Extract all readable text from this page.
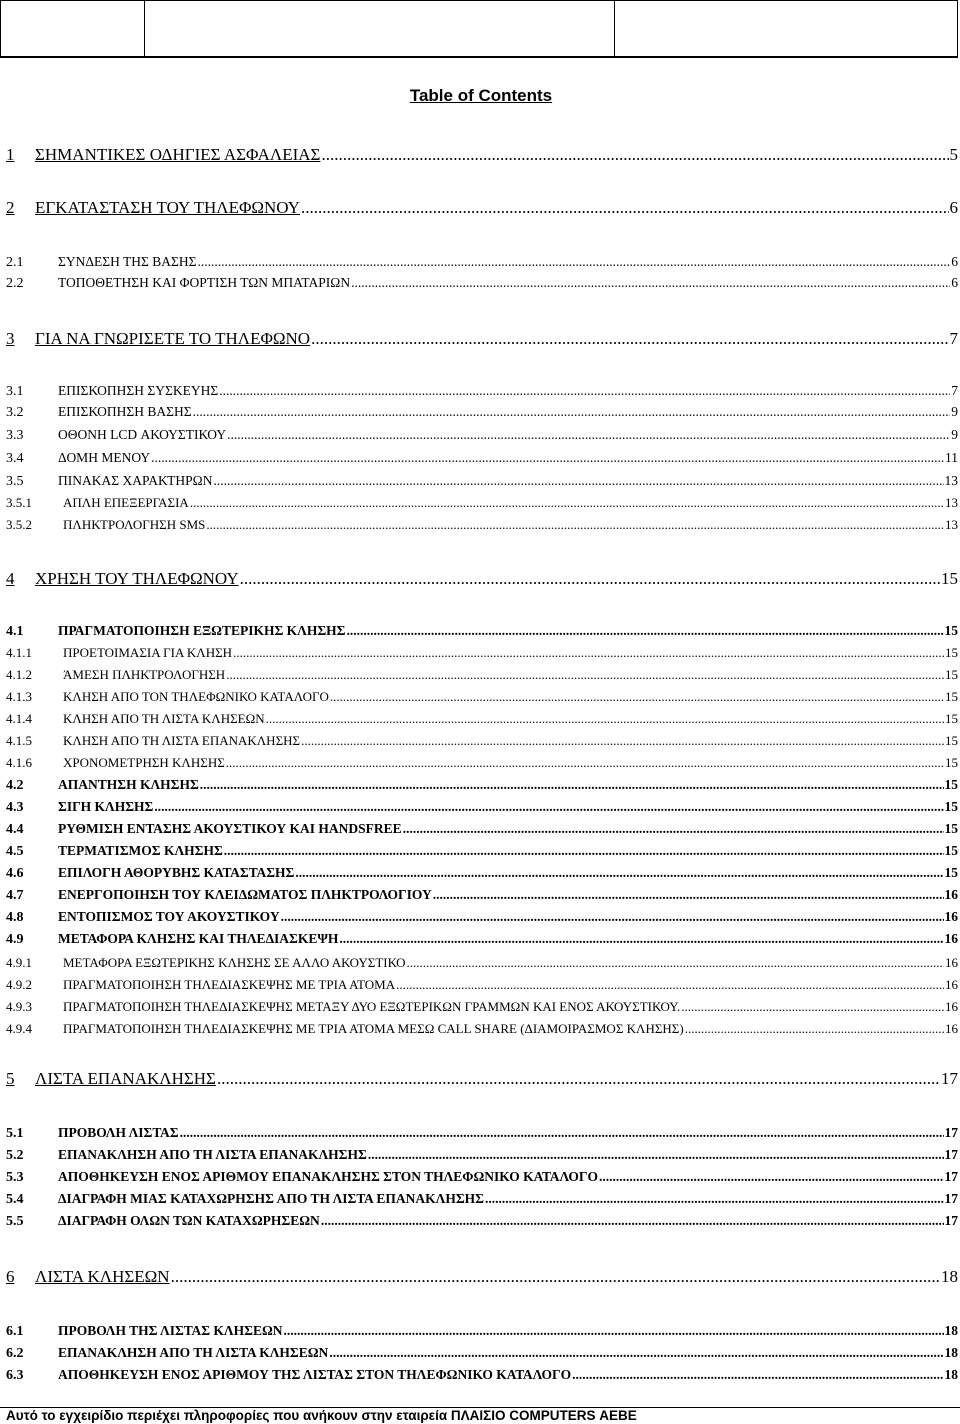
Table of Contents
1	ΣΗΜΑΝΤΙΚΕΣ ΟΔΗΓΙΕΣ ΑΣΦΑΛΕΙΑΣ .....	5
2	ΕΓΚΑΤΑΣΤΑΣΗ ΤΟΥ ΤΗΛΕΦΩΝΟΥ .....	6
2.1	ΣΥΝΔΕΣΗ ΤΗΣ ΒΑΣΗΣ .....	6
2.2	ΤΟΠΟΘΕΤΗΣΗ ΚΑΙ ΦΟΡΤΙΣΗ ΤΩΝ ΜΠΑΤΑΡΙΩΝ .....	6
3	ΓΙΑ ΝΑ ΓΝΩΡΙΣΕΤΕ ΤΟ ΤΗΛΕΦΩΝΟ .....	7
3.1	ΕΠΙΣΚΟΠΗΣΗ ΣΥΣΚΕΥΗΣ .....	7
3.2	ΕΠΙΣΚΟΠΗΣΗ ΒΑΣΗΣ .....	9
3.3	ΟΘΟΝΗ LCD ΑΚΟΥΣΤΙΚΟΥ .....	9
3.4	ΔΟΜΗ ΜΕΝΟΥ .....	11
3.5	ΠΙΝΑΚΑΣ ΧΑΡΑΚΤΗΡΩΝ .....	13
3.5.1	ΑΠΛΗ ΕΠΕΞΕΡΓΑΣΙΑ .....	13
3.5.2	ΠΛΗΚΤΡΟΛΟΓΗΣΗ SMS .....	13
4	ΧΡΗΣΗ ΤΟΥ ΤΗΛΕΦΩΝΟΥ .....	15
4.1	ΠΡΑΓΜΑΤΟΠΟΙΗΣΗ ΕΞΩΤΕΡΙΚΗΣ ΚΛΗΣΗΣ .....	15
4.1.1	ΠΡΟΕΤΟΙΜΑΣΙΑ ΓΙΑ ΚΛΗΣΗ .....	15
4.1.2	ΆΜΕΣΗ ΠΛΗΚΤΡΟΛΟΓΗΣΗ .....	15
4.1.3	ΚΛΗΣΗ ΑΠΟ ΤΟΝ ΤΗΛΕΦΩΝΙΚΟ ΚΑΤΑΛΟΓΟ .....	15
4.1.4	ΚΛΗΣΗ ΑΠΟ ΤΗ ΛΙΣΤΑ ΚΛΗΣΕΩΝ .....	15
4.1.5	ΚΛΗΣΗ ΑΠΟ ΤΗ ΛΙΣΤΑ ΕΠΑΝΑΚΛΗΣΗΣ .....	15
4.1.6	ΧΡΟΝΟΜΕΤΡΗΣΗ ΚΛΗΣΗΣ .....	15
4.2	ΑΠΑΝΤΗΣΗ ΚΛΗΣΗΣ .....	15
4.3	ΣΙΓΗ ΚΛΗΣΗΣ .....	15
4.4	ΡΥΘΜΙΣΗ ΕΝΤΑΣΗΣ ΑΚΟΥΣΤΙΚΟΥ ΚΑΙ HANDSFREE .....	15
4.5	ΤΕΡΜΑΤΙΣΜΟΣ ΚΛΗΣΗΣ .....	15
4.6	ΕΠΙΛΟΓΗ ΑΘΟΡΥΒΗΣ ΚΑΤΑΣΤΑΣΗΣ .....	15
4.7	ΕΝΕΡΓΟΠΟΙΗΣΗ ΤΟΥ ΚΛΕΙΔΩΜΑΤΟΣ ΠΛΗΚΤΡΟΛΟΓΙΟΥ .....	16
4.8	ΕΝΤΟΠΙΣΜΟΣ ΤΟΥ ΑΚΟΥΣΤΙΚΟΥ .....	16
4.9	ΜΕΤΑΦΟΡΑ ΚΛΗΣΗΣ ΚΑΙ ΤΗΛΕΔΙΑΣΚΕΨΗ .....	16
4.9.1	ΜΕΤΑΦΟΡΑ ΕΞΩΤΕΡΙΚΗΣ ΚΛΗΣΗΣ ΣΕ ΑΛΛΟ ΑΚΟΥΣΤΙΚΟ .....	16
4.9.2	ΠΡΑΓΜΑΤΟΠΟΙΗΣΗ ΤΗΛΕΔΙΑΣΚΕΨΗΣ ΜΕ ΤΡΙΑ ΑΤΟΜΑ .....	16
4.9.3	ΠΡΑΓΜΑΤΟΠΟΙΗΣΗ ΤΗΛΕΔΙΑΣΚΕΨΗΣ ΜΕΤΑΞΥ ΔΥΟ ΕΞΩΤΕΡΙΚΩΝ ΓΡΑΜΜΩΝ ΚΑΙ ΕΝΟΣ ΑΚΟΥΣΤΙΚΟΥ. .....	16
4.9.4	ΠΡΑΓΜΑΤΟΠΟΙΗΣΗ ΤΗΛΕΔΙΑΣΚΕΨΗΣ ΜΕ ΤΡΙΑ ΑΤΟΜΑ ΜΕΣΩ CALL SHARE (ΔΙΑΜΟΙΡΑΣΜΟΣ ΚΛΗΣΗΣ) .....	16
5	ΛΙΣΤΑ ΕΠΑΝΑΚΛΗΣΗΣ .....	17
5.1	ΠΡΟΒΟΛΗ ΛΙΣΤΑΣ .....	17
5.2	ΕΠΑΝΑΚΛΗΣΗ ΑΠΟ ΤΗ ΛΙΣΤΑ ΕΠΑΝΑΚΛΗΣΗΣ .....	17
5.3	ΑΠΟΘΗΚΕΥΣΗ ΕΝΟΣ ΑΡΙΘΜΟΥ ΕΠΑΝΑΚΛΗΣΗΣ ΣΤΟΝ ΤΗΛΕΦΩΝΙΚΟ ΚΑΤΑΛΟΓΟ .....	17
5.4	ΔΙΑΓΡΑΦΗ ΜΙΑΣ ΚΑΤΑΧΩΡΗΣΗΣ ΑΠΟ ΤΗ ΛΙΣΤΑ ΕΠΑΝΑΚΛΗΣΗΣ .....	17
5.5	ΔΙΑΓΡΑΦΗ ΟΛΩΝ ΤΩΝ ΚΑΤΑΧΩΡΗΣΕΩΝ .....	17
6	ΛΙΣΤΑ ΚΛΗΣΕΩΝ .....	18
6.1	ΠΡΟΒΟΛΗ ΤΗΣ ΛΙΣΤΑΣ ΚΛΗΣΕΩΝ .....	18
6.2	ΕΠΑΝΑΚΛΗΣΗ ΑΠΟ ΤΗ ΛΙΣΤΑ ΚΛΗΣΕΩΝ .....	18
6.3	ΑΠΟΘΗΚΕΥΣΗ ΕΝΟΣ ΑΡΙΘΜΟΥ ΤΗΣ ΛΙΣΤΑΣ ΣΤΟΝ ΤΗΛΕΦΩΝΙΚΟ ΚΑΤΑΛΟΓΟ .....	18
Αυτό το εγχειρίδιο περιέχει πληροφορίες που ανήκουν στην εταιρεία ΠΛΑΙΣΙΟ COMPUTERS ΑΕΒΕ
